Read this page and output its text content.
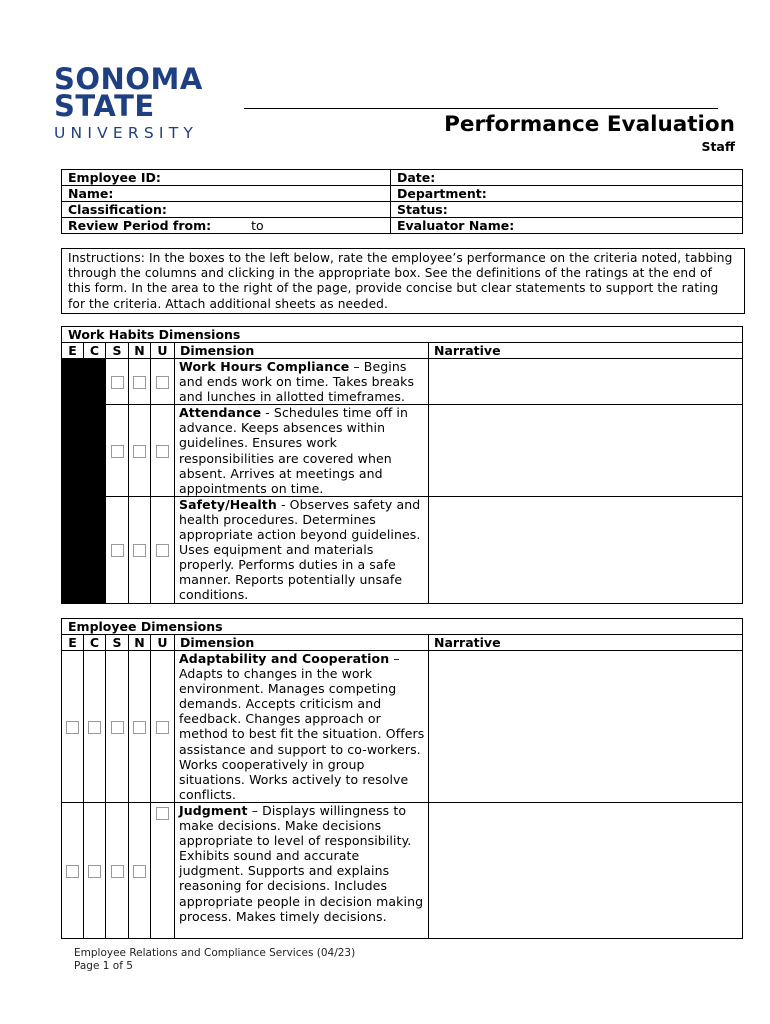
SONOMA
STATE
UNIVERSITY	Performance Evaluation
Staff
Employee ID:	Date:
Name:	Department:
Classification:	Status:
Review Period from: to	Evaluator Name:
Instructions: In the boxes to the left below, rate the employee’s performance on the criteria noted, tabbing through the columns and clicking in the appropriate box. See the definitions of the ratings at the end of this form. In the area to the right of the page, provide concise but clear statements to support the rating for the criteria. Attach additional sheets as needed.
Work Habits Dimensions						
E	C	S	N	U	Dimension	Narrative
					Work Hours Compliance – Begins and ends work on time. Takes breaks and lunches in allotted timeframes.	
					Attendance - Schedules time off in advance. Keeps absences within guidelines. Ensures work responsibilities are covered when absent. Arrives at meetings and appointments on time.	
					Safety/Health - Observes safety and health procedures. Determines appropriate action beyond guidelines. Uses equipment and materials properly. Performs duties in a safe manner. Reports potentially unsafe conditions.	
Employee Dimensions						
E	C	S	N	U	Dimension	Narrative
					Adaptability and Cooperation – Adapts to changes in the work environment. Manages competing demands. Accepts criticism and feedback. Changes approach or method to best fit the situation. Offers assistance and support to co-workers. Works cooperatively in group situations. Works actively to resolve conflicts.	
					Judgment – Displays willingness to make decisions. Make decisions appropriate to level of responsibility. Exhibits sound and accurate judgment. Supports and explains reasoning for decisions. Includes appropriate people in decision making process. Makes timely decisions.	
Employee Relations and Compliance Services (04/23)
Page 1 of 5
